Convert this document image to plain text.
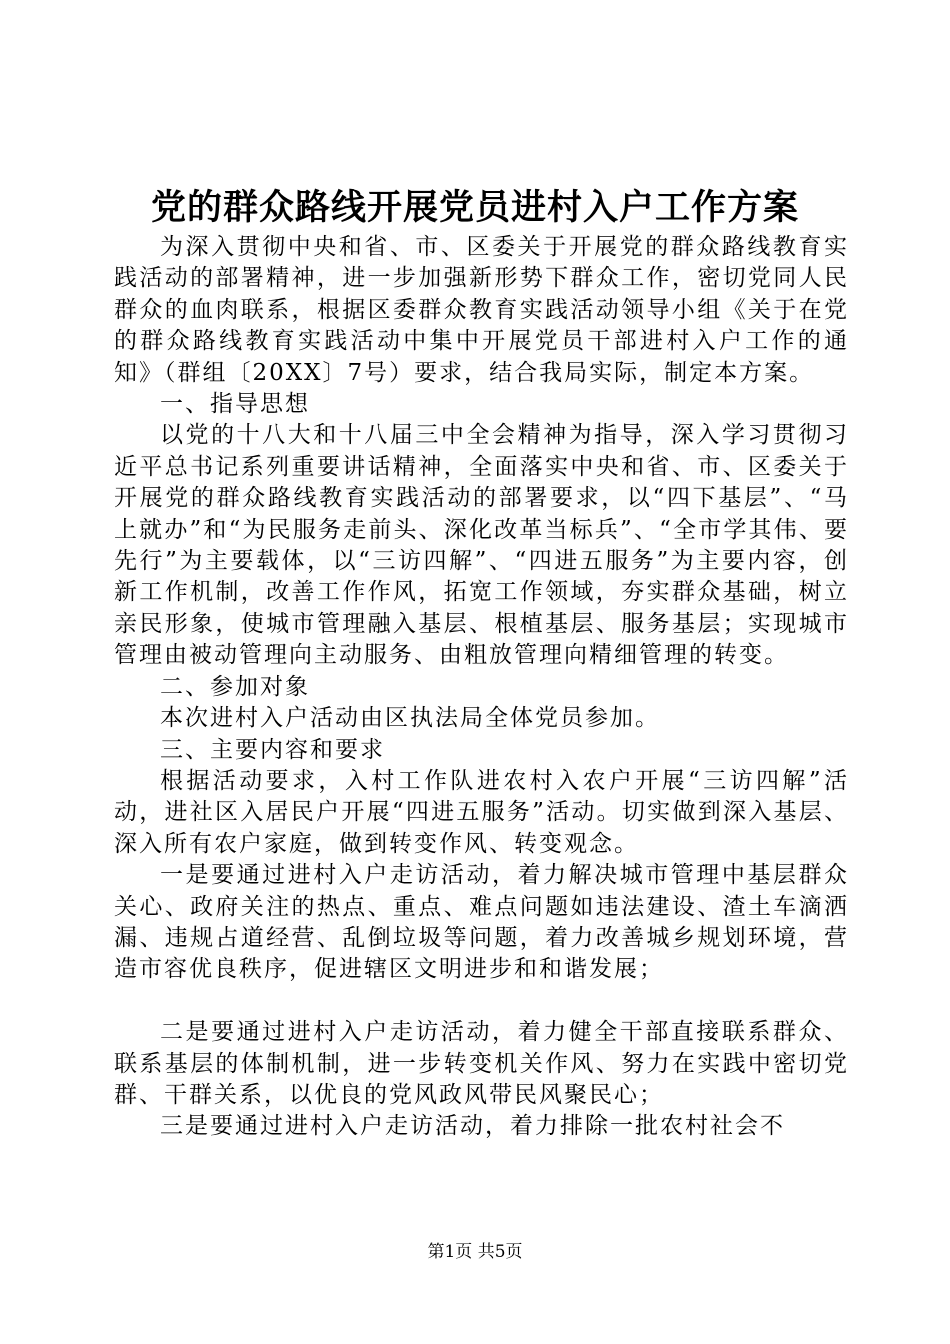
党的群众路线开展党员进村入户工作方案

为深入贯彻中央和省、市、区委关于开展党的群众路线教育实践活动的部署精神，进一步加强新形势下群众工作，密切党同人民群众的血肉联系，根据区委群众教育实践活动领导小组《关于在党的群众路线教育实践活动中集中开展党员干部进村入户工作的通知》（群组〔20XX〕7号）要求，结合我局实际，制定本方案。

一、指导思想

以党的十八大和十八届三中全会精神为指导，深入学习贯彻习近平总书记系列重要讲话精神，全面落实中央和省、市、区委关于开展党的群众路线教育实践活动的部署要求，以“四下基层”、“马上就办”和“为民服务走前头、深化改革当标兵”、“全市学其伟、要先行”为主要载体，以“三访四解”、“四进五服务”为主要内容，创新工作机制，改善工作作风，拓宽工作领域，夯实群众基础，树立亲民形象，使城市管理融入基层、根植基层、服务基层；实现城市管理由被动管理向主动服务、由粗放管理向精细管理的转变。

二、参加对象

本次进村入户活动由区执法局全体党员参加。

三、主要内容和要求

根据活动要求，入村工作队进农村入农户开展“三访四解”活动，进社区入居民户开展“四进五服务”活动。切实做到深入基层、深入所有农户家庭，做到转变作风、转变观念。

一是要通过进村入户走访活动，着力解决城市管理中基层群众关心、政府关注的热点、重点、难点问题如违法建设、渣土车滴洒漏、违规占道经营、乱倒垃圾等问题，着力改善城乡规划环境，营造市容优良秩序，促进辖区文明进步和和谐发展；

二是要通过进村入户走访活动，着力健全干部直接联系群众、联系基层的体制机制，进一步转变机关作风、努力在实践中密切党群、干群关系，以优良的党风政风带民风聚民心；

三是要通过进村入户走访活动，着力排除一批农村社会不

第1页 共5页
